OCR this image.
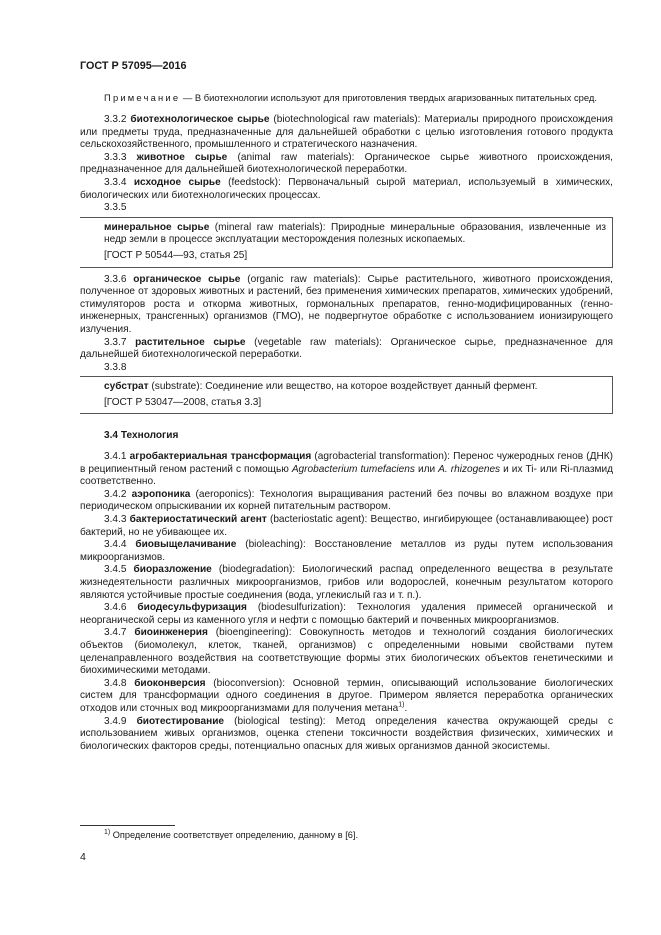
ГОСТ Р 57095—2016

Примечание — В биотехнологии используют для приготовления твердых агаризованных питательных сред.

3.3.2 биотехнологическое сырье (biotechnological raw materials): Материалы природного происхождения или предметы труда, предназначенные для дальнейшей обработки с целью изготовления готового продукта сельскохозяйственного, промышленного и стратегического назначения.

3.3.3 животное сырье (animal raw materials): Органическое сырье животного происхождения, предназначенное для дальнейшей биотехнологической переработки.

3.3.4 исходное сырье (feedstock): Первоначальный сырой материал, используемый в химических, биологических или биотехнологических процессах.

3.3.5

минеральное сырье (mineral raw materials): Природные минеральные образования, извлеченные из недр земли в процессе эксплуатации месторождения полезных ископаемых.

[ГОСТ Р 50544—93, статья 25]

3.3.6 органическое сырье (organic raw materials): Сырье растительного, животного происхождения, полученное от здоровых животных и растений, без применения химических препаратов, химических удобрений, стимуляторов роста и откорма животных, гормональных препаратов, генно-модифицированных (генно-инженерных, трансгенных) организмов (ГМО), не подвергнутое обработке с использованием ионизирующего излучения.

3.3.7 растительное сырье (vegetable raw materials): Органическое сырье, предназначенное для дальнейшей биотехнологической переработки.

3.3.8

субстрат (substrate): Соединение или вещество, на которое воздействует данный фермент.

[ГОСТ Р 53047—2008, статья 3.3]

3.4 Технология

3.4.1 агробактериальная трансформация (agrobacterial transformation): Перенос чужеродных генов (ДНК) в реципиентный геном растений с помощью Agrobacterium tumefaciens или A. rhizogenes и их Ti- или Ri-плазмид соответственно.

3.4.2 аэропоника (aeroponics): Технология выращивания растений без почвы во влажном воздухе при периодическом опрыскивании их корней питательным раствором.

3.4.3 бактериостатический агент (bacteriostatic agent): Вещество, ингибирующее (останавливающее) рост бактерий, но не убивающее их.

3.4.4 биовыщелачивание (bioleaching): Восстановление металлов из руды путем использования микроорганизмов.

3.4.5 биоразложение (biodegradation): Биологический распад определенного вещества в результате жизнедеятельности различных микроорганизмов, грибов или водорослей, конечным результатом которого являются устойчивые простые соединения (вода, углекислый газ и т. п.).

3.4.6 биодесульфуризация (biodesulfurization): Технология удаления примесей органической и неорганической серы из каменного угля и нефти с помощью бактерий и почвенных микроорганизмов.

3.4.7 биоинженерия (bioengineering): Совокупность методов и технологий создания биологических объектов (биомолекул, клеток, тканей, организмов) с определенными новыми свойствами путем целенаправленного воздействия на соответствующие формы этих биологических объектов генетическими и биохимическими методами.

3.4.8 биоконверсия (bioconversion): Основной термин, описывающий использование биологических систем для трансформации одного соединения в другое. Примером является переработка органических отходов или сточных вод микроорганизмами для получения метана$^{1)}$.

3.4.9 биотестирование (biological testing): Метод определения качества окружающей среды с использованием живых организмов, оценка степени токсичности воздействия физических, химических и биологических факторов среды, потенциально опасных для живых организмов данной экосистемы.

$^{1)}$ Определение соответствует определению, данному в [6].
4
